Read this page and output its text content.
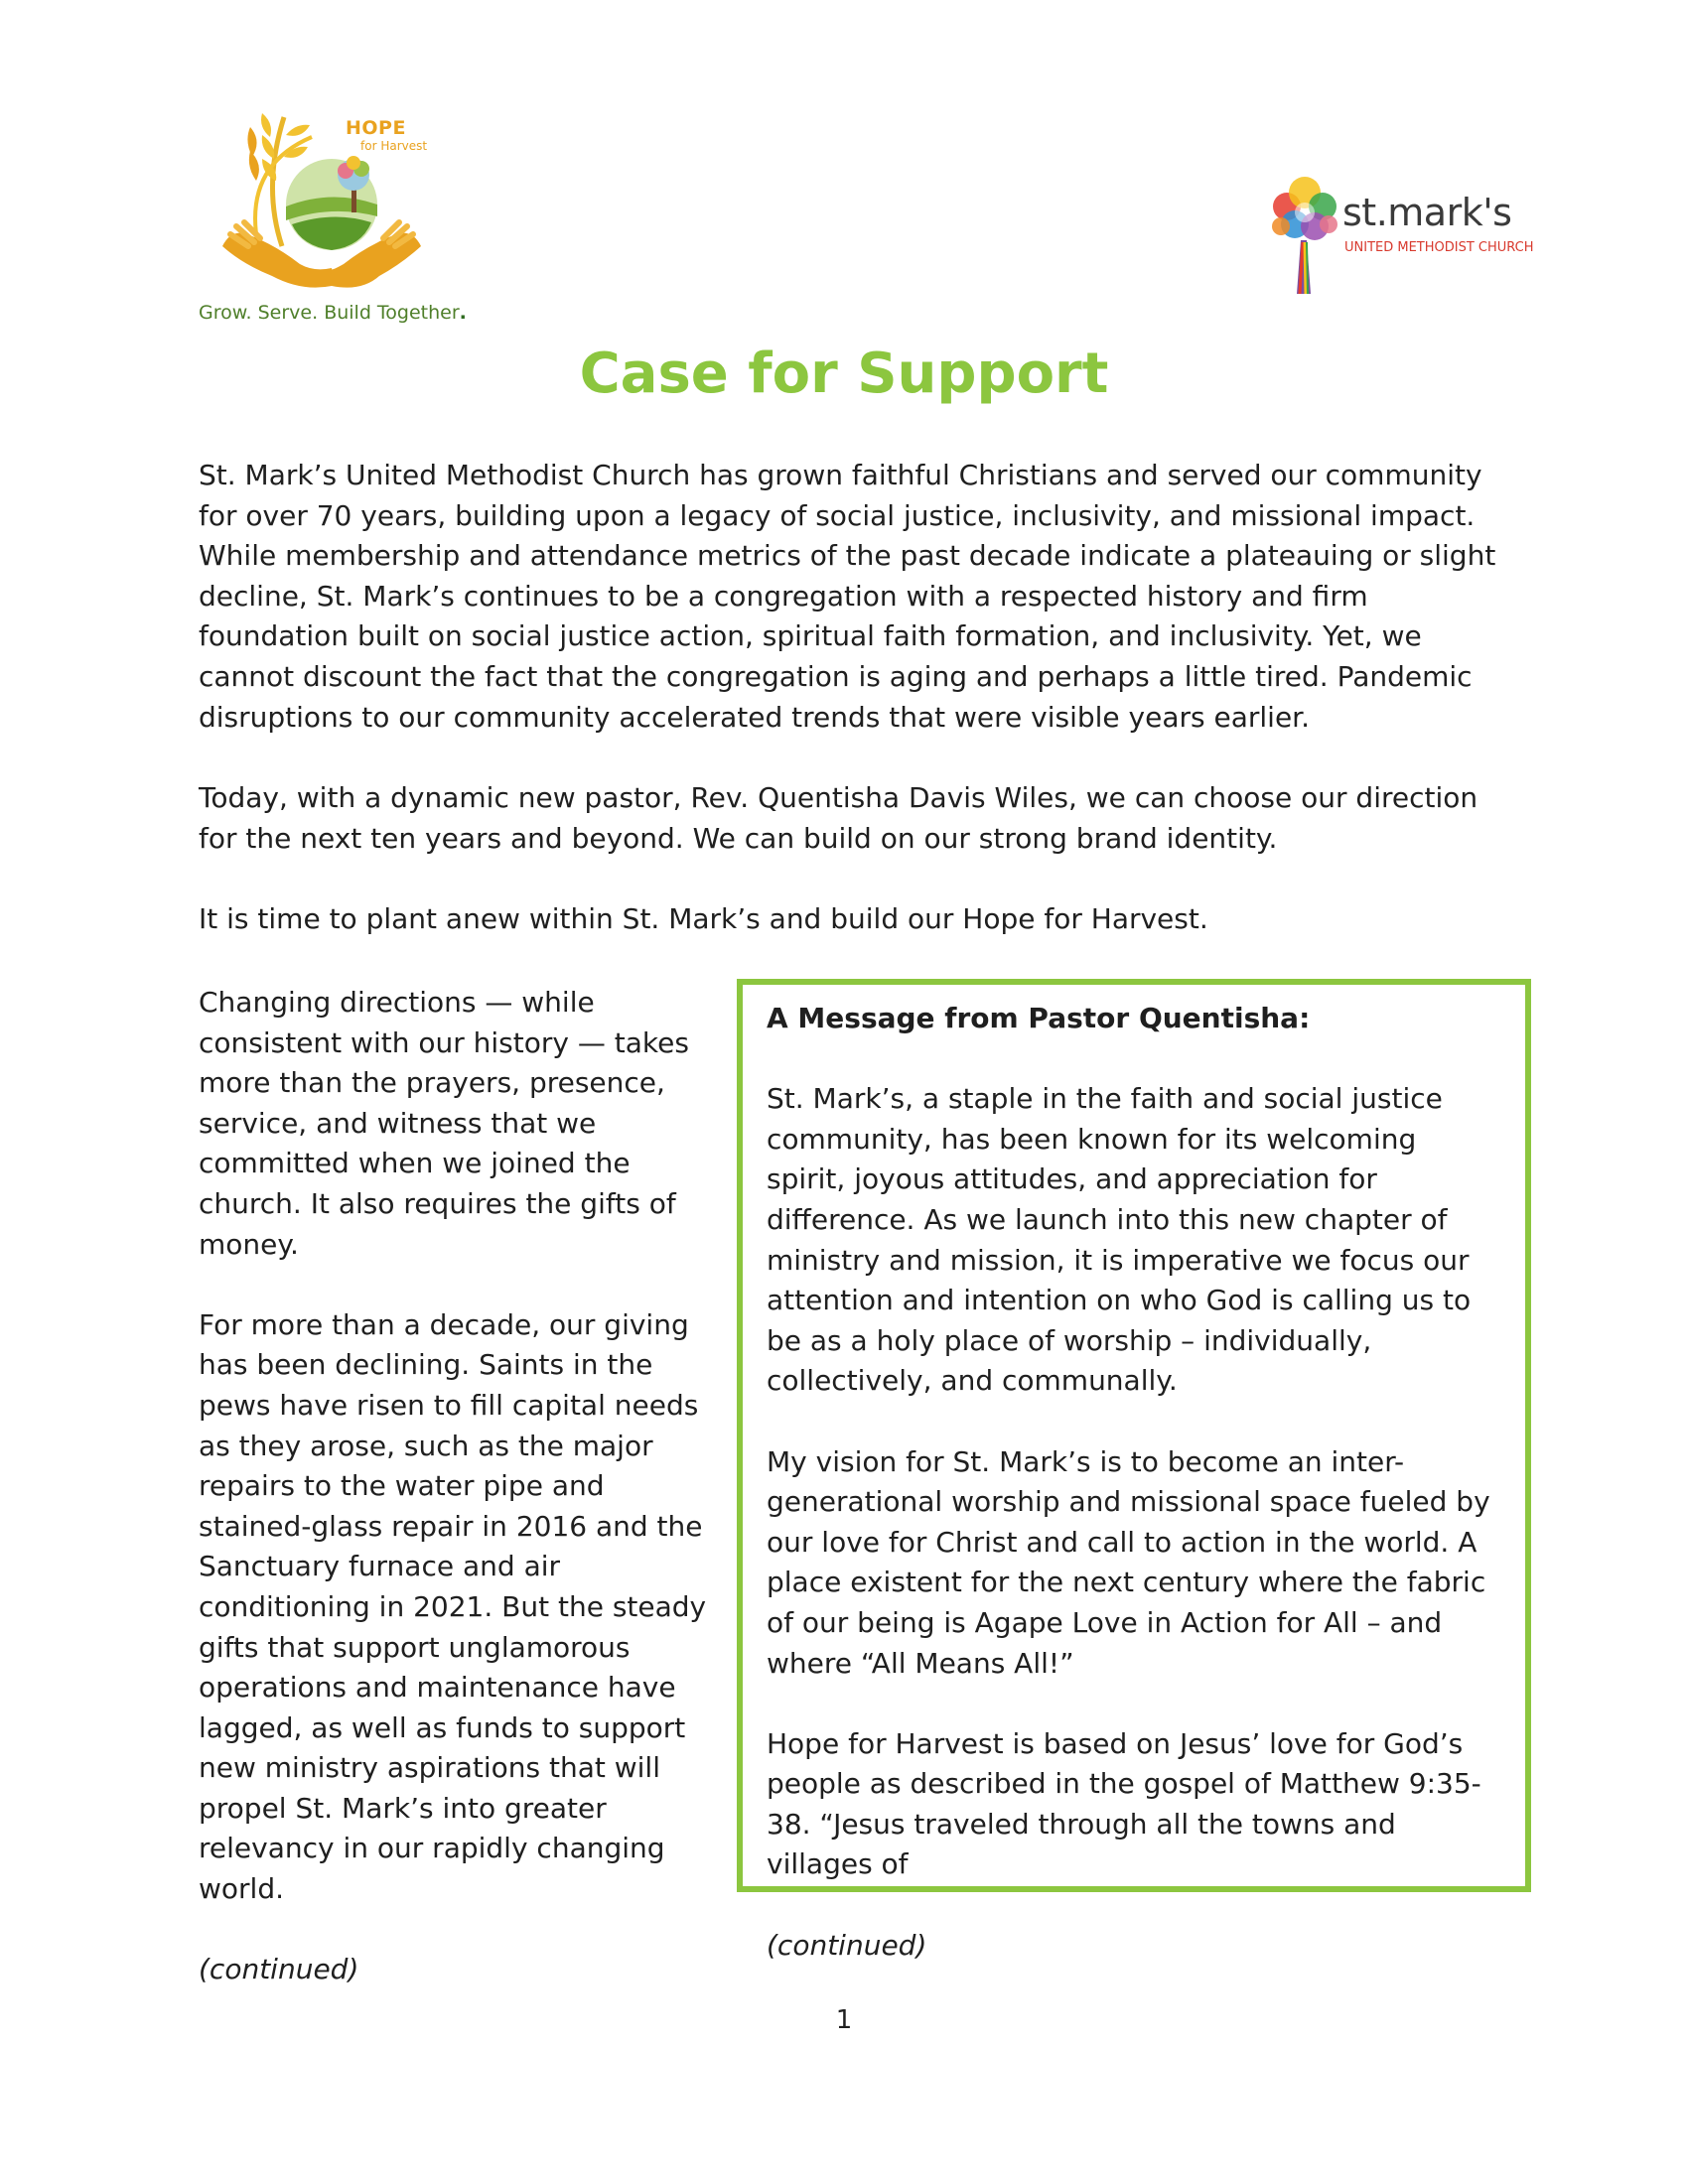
HOPE
for Harvest
Grow. Serve. Build Together.
st.mark's
UNITED METHODIST CHURCH
Case for Support

St. Mark’s United Methodist Church has grown faithful Christians and served our community for over 70 years, building upon a legacy of social justice, inclusivity, and missional impact. While membership and attendance metrics of the past decade indicate a plateauing or slight decline, St. Mark’s continues to be a congregation with a respected history and firm foundation built on social justice action, spiritual faith formation, and inclusivity. Yet, we cannot discount the fact that the congregation is aging and perhaps a little tired. Pandemic disruptions to our community accelerated trends that were visible years earlier.

Today, with a dynamic new pastor, Rev. Quentisha Davis Wiles, we can choose our direction for the next ten years and beyond. We can build on our strong brand identity.

It is time to plant anew within St. Mark’s and build our Hope for Harvest.

Changing directions — while consistent with our history — takes more than the prayers, presence, service, and witness that we committed when we joined the church. It also requires the gifts of money.

For more than a decade, our giving has been declining. Saints in the pews have risen to fill capital needs as they arose, such as the major repairs to the water pipe and stained-glass repair in 2016 and the Sanctuary furnace and air conditioning in 2021. But the steady gifts that support unglamorous operations and maintenance have lagged, as well as funds to support new ministry aspirations that will propel St. Mark’s into greater relevancy in our rapidly changing world.

(continued)

A Message from Pastor Quentisha:

St. Mark’s, a staple in the faith and social justice community, has been known for its welcoming spirit, joyous attitudes, and appreciation for difference. As we launch into this new chapter of ministry and mission, it is imperative we focus our attention and intention on who God is calling us to be as a holy place of worship – individually, collectively, and communally.

My vision for St. Mark’s is to become an inter-generational worship and missional space fueled by our love for Christ and call to action in the world. A place existent for the next century where the fabric of our being is Agape Love in Action for All – and where “All Means All!”

Hope for Harvest is based on Jesus’ love for God’s people as described in the gospel of Matthew 9:35-38. “Jesus traveled through all the towns and villages of

(continued)

1
